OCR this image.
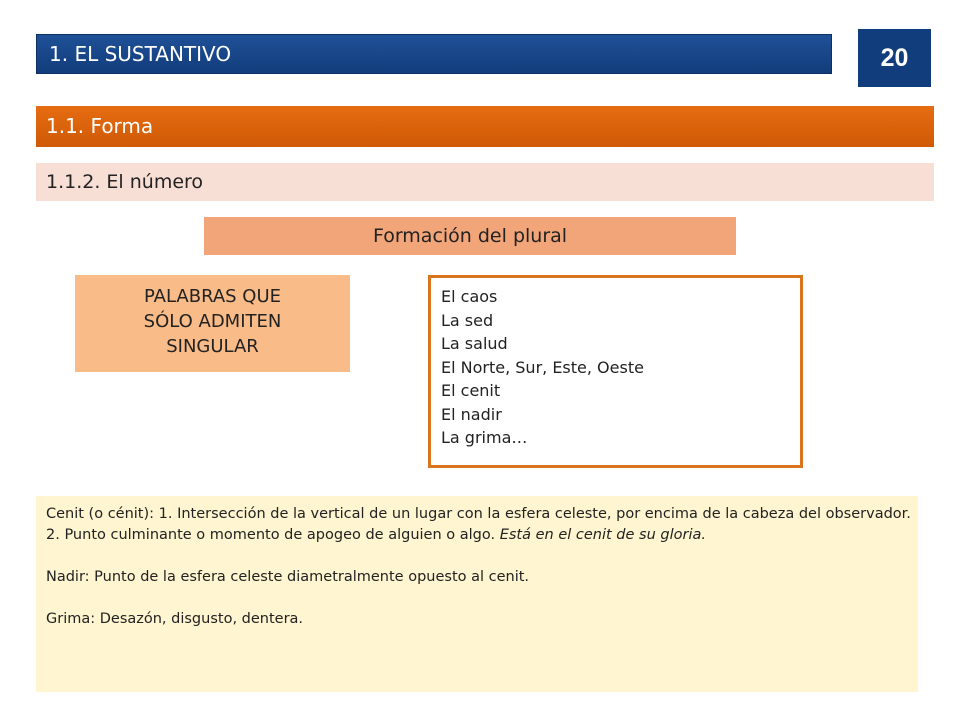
1. EL SUSTANTIVO	20
1.1. Forma
1.1.2. El número
Formación del plural
PALABRAS QUE
SÓLO ADMITEN
SINGULAR
El caos
La sed
La salud
El Norte, Sur, Este, Oeste
El cenit
El nadir
La grima…

Cenit (o cénit): 1. Intersección de la vertical de un lugar con la esfera celeste, por encima de la cabeza del observador. 2. Punto culminante o momento de apogeo de alguien o algo. Está en el cenit de su gloria.

Nadir: Punto de la esfera celeste diametralmente opuesto al cenit.

Grima: Desazón, disgusto, dentera.
